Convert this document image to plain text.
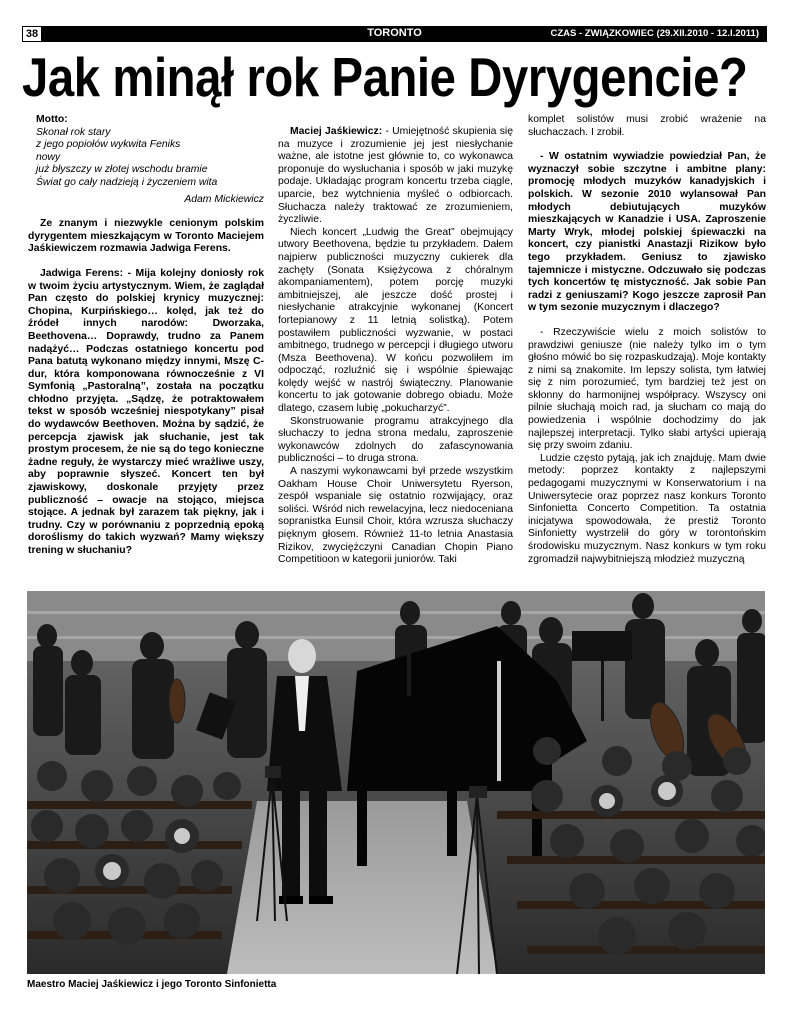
38	TORONTO	CZAS - ZWIĄZKOWIEC (29.XII.2010 - 12.I.2011)
Jak minął rok Panie Dyrygencie?
Motto:
Skonał rok stary
z jego popiołów wykwita Feniks
nowy
już błyszczy w złotej wschodu bramie
Świat go cały nadzieją i życzeniem wita
Adam Mickiewicz

Ze znanym i niezwykle cenionym polskim dyrygentem mieszkającym w Toronto Maciejem Jaśkiewiczem rozmawia Jadwiga Ferens.

Jadwiga Ferens: - Mija kolejny doniosły rok w twoim życiu artystycznym. Wiem, że zaglądał Pan często do polskiej krynicy muzycznej: Chopina, Kurpińskiego… kolęd, jak też do źródeł innych narodów: Dworzaka, Beethovena… Doprawdy, trudno za Panem nadążyć… Podczas ostatniego koncertu pod Pana batutą wykonano między innymi, Mszę C-dur, która komponowana równocześnie z VI Symfonią „Pastoralną”, została na początku chłodno przyjęta. „Sądzę, że potraktowałem tekst w sposób wcześniej niespotykany” pisał do wydawców Beethoven. Można by sądzić, że percepcja zjawisk jak słuchanie, jest tak prostym procesem, że nie są do tego konieczne żadne reguły, że wystarczy mieć wrażliwe uszy, aby poprawnie słyszeć. Koncert ten był zjawiskowy, doskonale przyjęty przez publiczność – owacje na stojąco, miejsca stojące. A jednak był zarazem tak piękny, jak i trudny. Czy w porównaniu z poprzednią epoką doroślismy do takich wyzwań? Mamy większy trening w słuchaniu?

Maciej Jaśkiewicz: - Umiejętność skupienia się na muzyce i zrozumienie jej jest niesłychanie ważne, ale istotne jest głównie to, co wykonawca proponuje do wysłuchania i sposób w jaki muzykę podaje. Układając program koncertu trzeba ciągle, uparcie, bez wytchnienia myśleć o odbiorcach. Słuchacza należy traktować ze zrozumieniem, życzliwie.

Niech koncert „Ludwig the Great” obejmujący utwory Beethovena, będzie tu przykładem. Dałem najpierw publiczności muzyczny cukierek dla zachęty (Sonata Księżycowa z chóralnym akompaniamentem), potem porcję muzyki ambitniejszej, ale jeszcze dość prostej i niesłychanie atrakcyjnie wykonanej (Koncert fortepianowy z 11 letnią solistką). Potem postawiłem publiczności wyzwanie, w postaci ambitnego, trudnego w percepcji i długiego utworu (Msza Beethovena). W końcu pozwoliłem im odpocząć, rozluźnić się i wspólnie śpiewając kolędy wejść w nastrój świąteczny. Planowanie koncertu to jak gotowanie dobrego obiadu. Może dlatego, czasem lubię „pokucharzyć”.

Skonstruowanie programu atrakcyjnego dla słuchaczy to jedna strona medalu, zaproszenie wykonawców zdolnych do zafascynowania publiczności – to druga strona.

A naszymi wykonawcami był przede wszystkim Oakham House Choir Uniwersytetu Ryerson, zespół wspaniale się ostatnio rozwijający, oraz soliści. Wśród nich rewelacyjna, lecz niedoceniana sopranistka Eunsil Choir, która wzrusza słuchaczy pięknym głosem. Również 11-to letnia Anastasia Rizikov, zwyciężczyni Canadian Chopin Piano Competitioon w kategorii juniorów. Taki

komplet solistów musi zrobić wrażenie na słuchaczach. I zrobił.

- W ostatnim wywiadzie powiedział Pan, że wyznaczył sobie szczytne i ambitne plany: promocję młodych muzyków kanadyjskich i polskich. W sezonie 2010 wylansował Pan młodych debiutujących muzyków mieszkających w Kanadzie i USA. Zaproszenie Marty Wryk, młodej polskiej śpiewaczki na koncert, czy pianistki Anastazji Rizikow było tego przykładem. Geniusz to zjawisko tajemnicze i mistyczne. Odczuwało się podczas tych koncertów tę mistyczność. Jak sobie Pan radzi z geniuszami? Kogo jeszcze zaprosił Pan w tym sezonie muzycznym i dlaczego?

- Rzeczywiście wielu z moich solistów to prawdziwi geniusze (nie należy tylko im o tym głośno mówić bo się rozpaskudzają). Moje kontakty z nimi są znakomite. Im lepszy solista, tym łatwiej się z nim porozumieć, tym bardziej też jest on skłonny do harmonijnej współpracy. Wszyscy oni pilnie słuchają moich rad, ja słucham co mają do powiedzenia i wspólnie dochodzimy do jak najlepszej interpretacji. Tylko słabi artyści upierają się przy swoim zdaniu.

Ludzie często pytają, jak ich znajduję. Mam dwie metody: poprzez kontakty z najlepszymi pedagogami muzycznymi w Konserwatorium i na Uniwersytecie oraz poprzez nasz konkurs Toronto Sinfonietta Concerto Competition. Ta ostatnia inicjatywa spowodowała, że prestiż Toronto Sinfonietty wystrzelił do góry w torontońskim środowisku muzycznym. Nasz konkurs w tym roku zgromadził najwybitniejszą młodzież muzyczną

Maestro Maciej Jaśkiewicz i jego Toronto Sinfonietta
